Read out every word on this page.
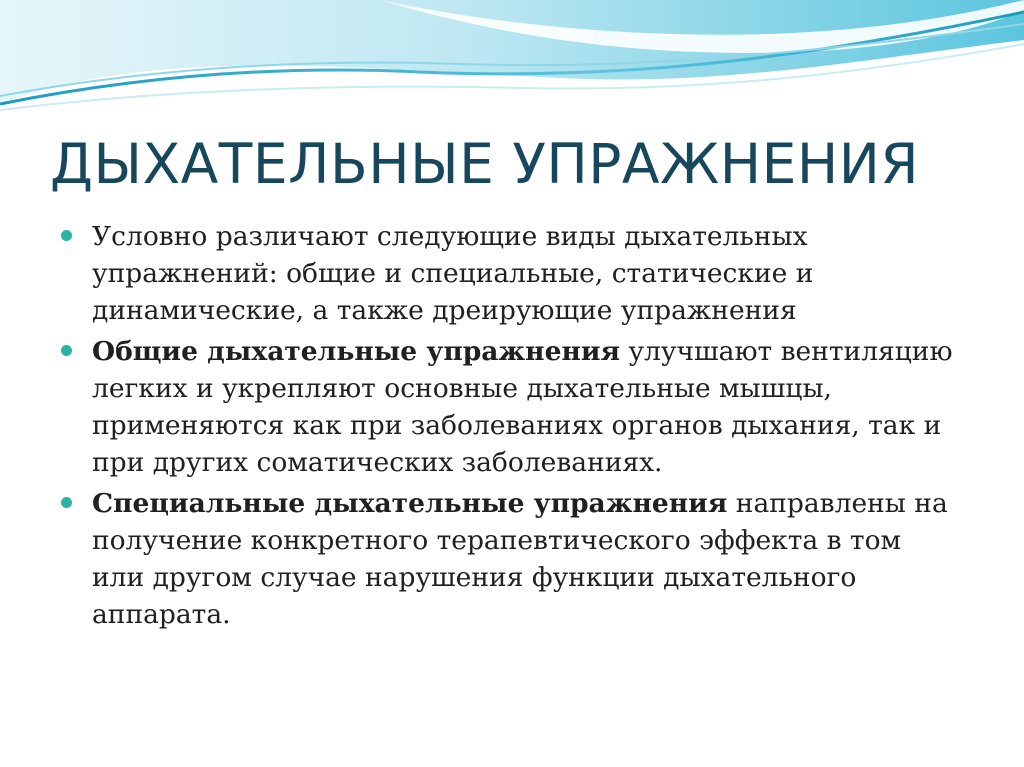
ДЫХАТЕЛЬНЫЕ УПРАЖНЕНИЯ
Условно различают следующие виды дыхательных упражнений: общие и специальные, статические и динамические, а также дреирующие упражнения
Общие дыхательные упражнения улучшают вентиляцию легких и укрепляют основные дыхательные мышцы, применяются как при заболеваниях органов дыхания, так и при других соматических заболеваниях.
Специальные дыхательные упражнения направлены на получение конкретного терапевтического эффекта в том или другом случае нарушения функции дыхательного аппарата.
